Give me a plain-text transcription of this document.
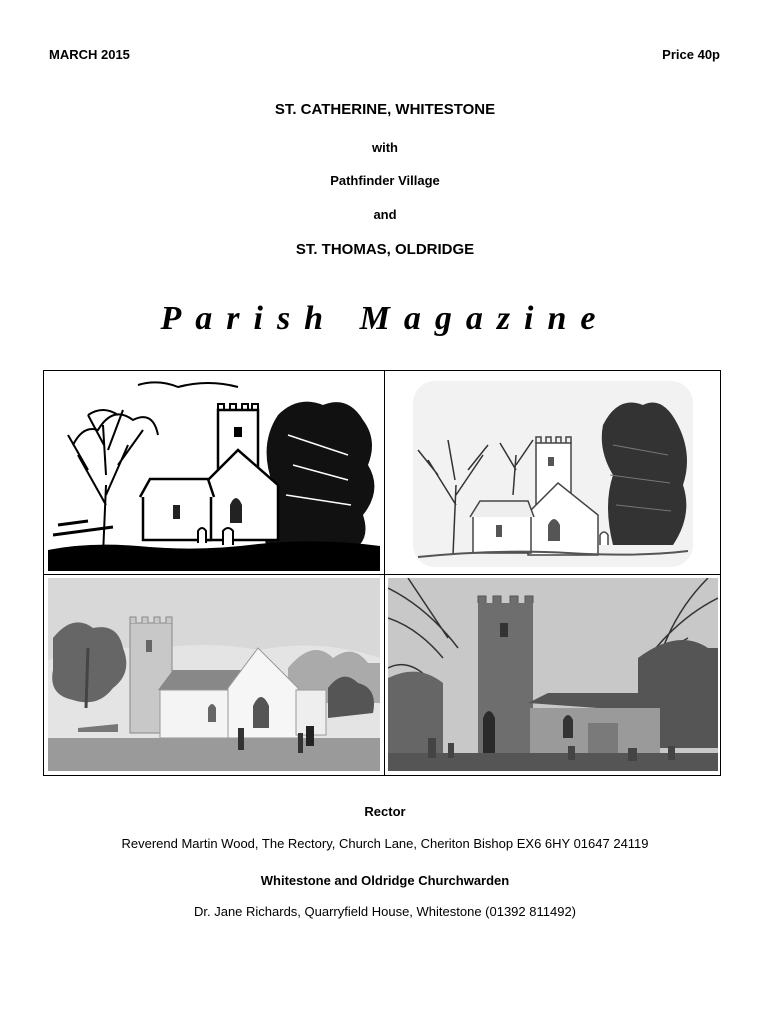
MARCH 2015	Price 40p
ST. CATHERINE, WHITESTONE
with
Pathfinder Village
and
ST. THOMAS, OLDRIDGE
Parish Magazine
Rector
Reverend Martin Wood, The Rectory, Church Lane, Cheriton Bishop EX6 6HY 01647 24119
Whitestone and Oldridge Churchwarden
Dr. Jane Richards, Quarryfield House, Whitestone (01392 811492)
